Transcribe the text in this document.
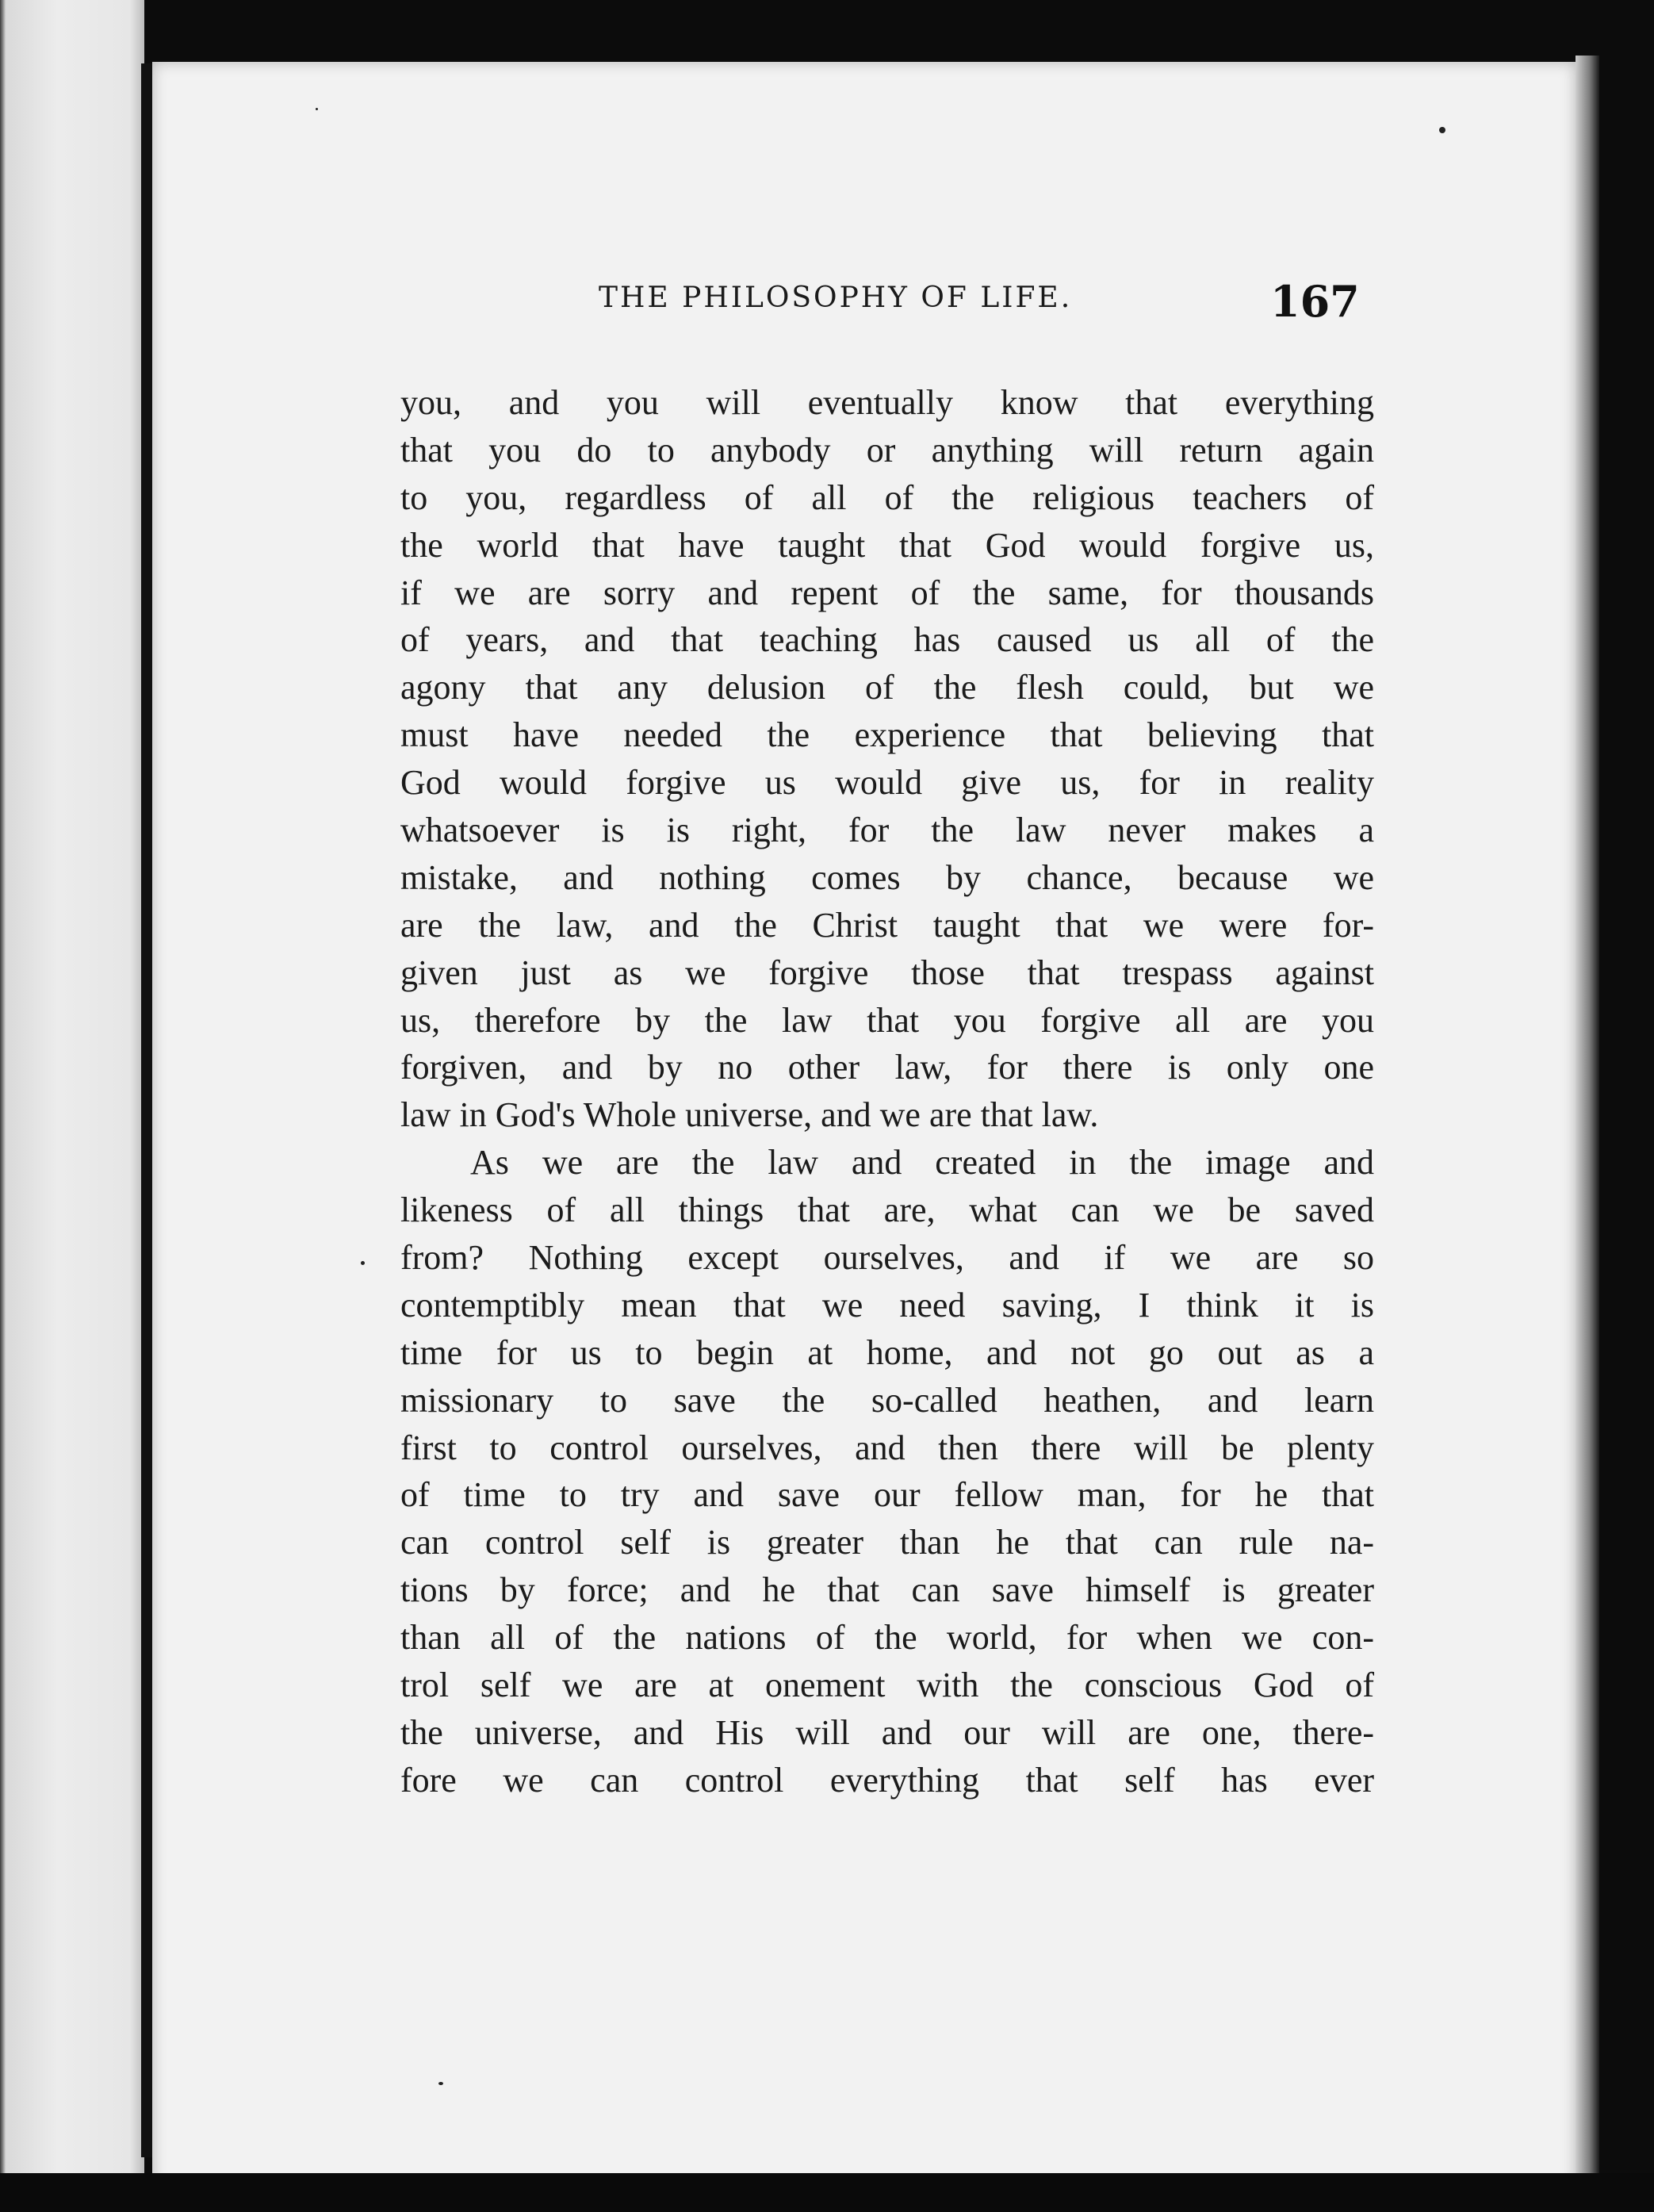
THE PHILOSOPHY OF LIFE.	167
you, and you will eventually know that everything
that you do to anybody or anything will return again
to you, regardless of all of the religious teachers of
the world that have taught that God would forgive us,
if we are sorry and repent of the same, for thousands
of years, and that teaching has caused us all of the
agony that any delusion of the flesh could, but we
must have needed the experience that believing that
God would forgive us would give us, for in reality
whatsoever is is right, for the law never makes a
mistake, and nothing comes by chance, because we
are the law, and the Christ taught that we were for-
given just as we forgive those that trespass against
us, therefore by the law that you forgive all are you
forgiven, and by no other law, for there is only one
law in God's Whole universe, and we are that law.
As we are the law and created in the image and
likeness of all things that are, what can we be saved
from? Nothing except ourselves, and if we are so
contemptibly mean that we need saving, I think it is
time for us to begin at home, and not go out as a
missionary to save the so-called heathen, and learn
first to control ourselves, and then there will be plenty
of time to try and save our fellow man, for he that
can control self is greater than he that can rule na-
tions by force; and he that can save himself is greater
than all of the nations of the world, for when we con-
trol self we are at onement with the conscious God of
the universe, and His will and our will are one, there-
fore we can control everything that self has ever
